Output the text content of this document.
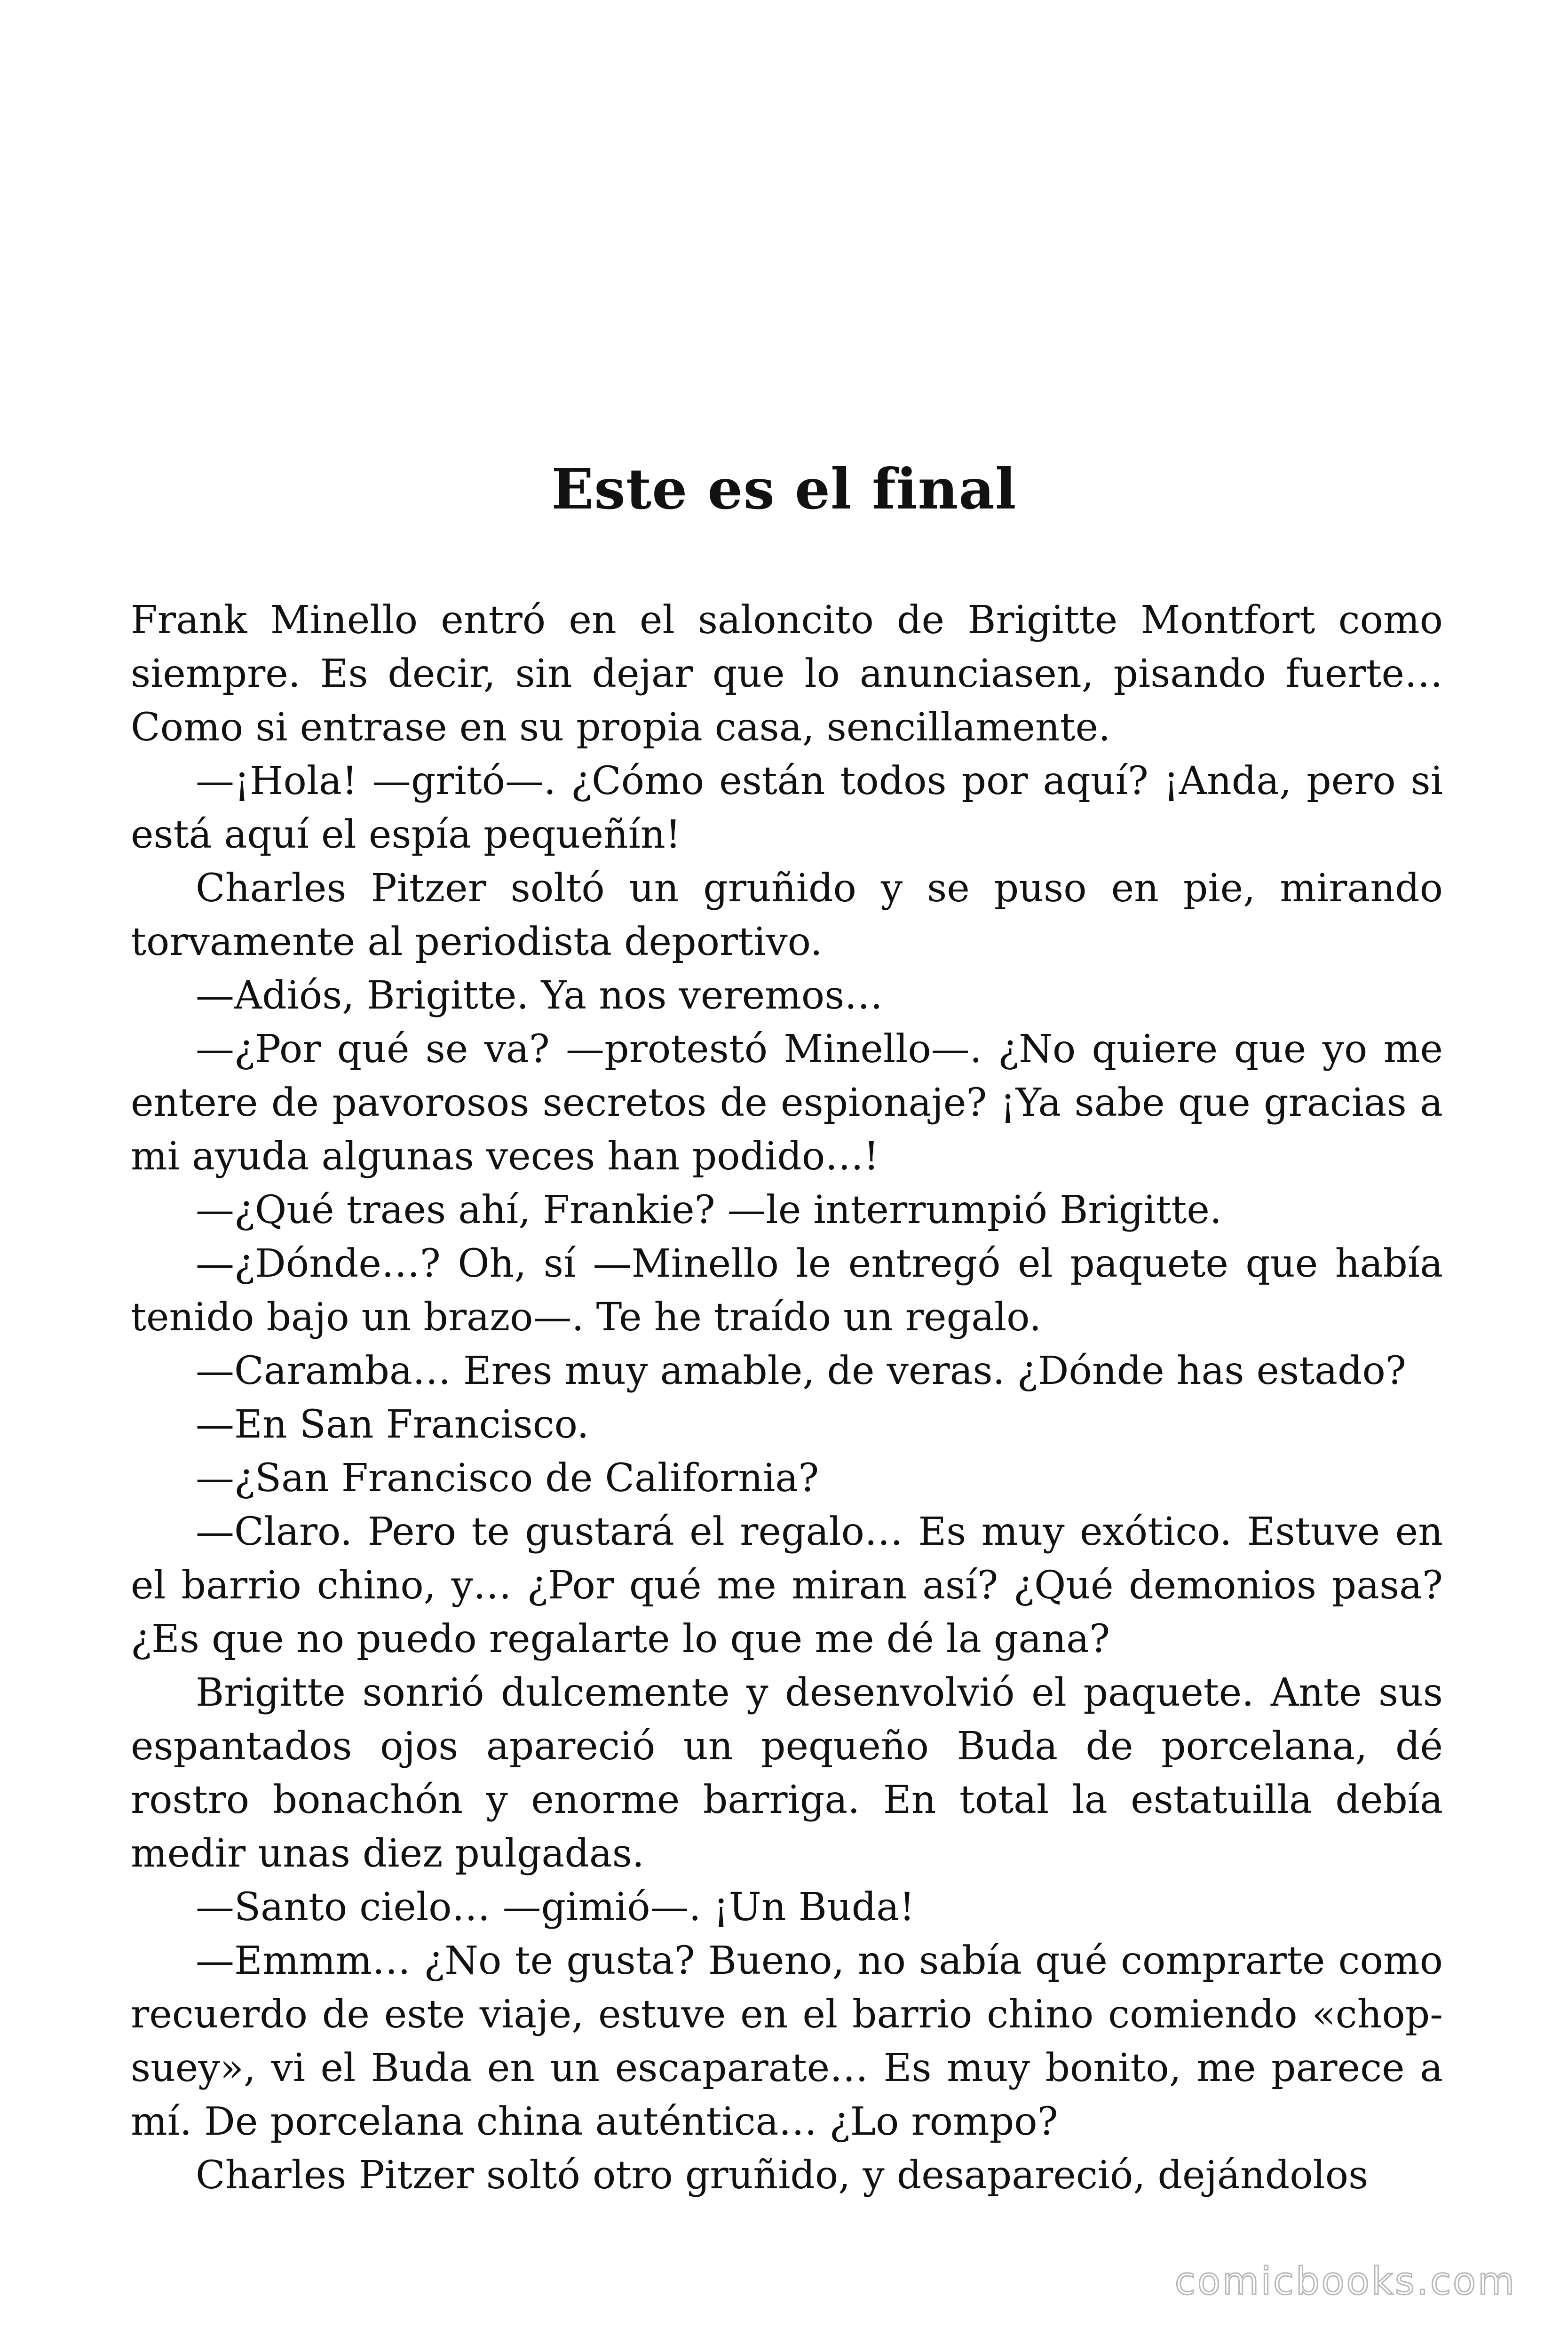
Este es el final

Frank Minello entró en el saloncito de Brigitte Montfort como siempre. Es decir, sin dejar que lo anunciasen, pisando fuerte… Como si entrase en su propia casa, sencillamente.

—¡Hola! —gritó—. ¿Cómo están todos por aquí? ¡Anda, pero si está aquí el espía pequeñín!

Charles Pitzer soltó un gruñido y se puso en pie, mirando torvamente al periodista deportivo.

—Adiós, Brigitte. Ya nos veremos…

—¿Por qué se va? —protestó Minello—. ¿No quiere que yo me entere de pavorosos secretos de espionaje? ¡Ya sabe que gracias a mi ayuda algunas veces han podido…!

—¿Qué traes ahí, Frankie? —le interrumpió Brigitte.

—¿Dónde…? Oh, sí —Minello le entregó el paquete que había tenido bajo un brazo—. Te he traído un regalo.

—Caramba… Eres muy amable, de veras. ¿Dónde has estado?

—En San Francisco.

—¿San Francisco de California?

—Claro. Pero te gustará el regalo… Es muy exótico. Estuve en el barrio chino, y… ¿Por qué me miran así? ¿Qué demonios pasa? ¿Es que no puedo regalarte lo que me dé la gana?

Brigitte sonrió dulcemente y desenvolvió el paquete. Ante sus espantados ojos apareció un pequeño Buda de porcelana, dé rostro bonachón y enorme barriga. En total la estatuilla debía medir unas diez pulgadas.

—Santo cielo… —gimió—. ¡Un Buda!

—Emmm… ¿No te gusta? Bueno, no sabía qué comprarte como recuerdo de este viaje, estuve en el barrio chino comiendo «chop-suey», vi el Buda en un escaparate… Es muy bonito, me parece a mí. De porcelana china auténtica… ¿Lo rompo?

Charles Pitzer soltó otro gruñido, y desapareció, dejándolos

comicbooks.com
